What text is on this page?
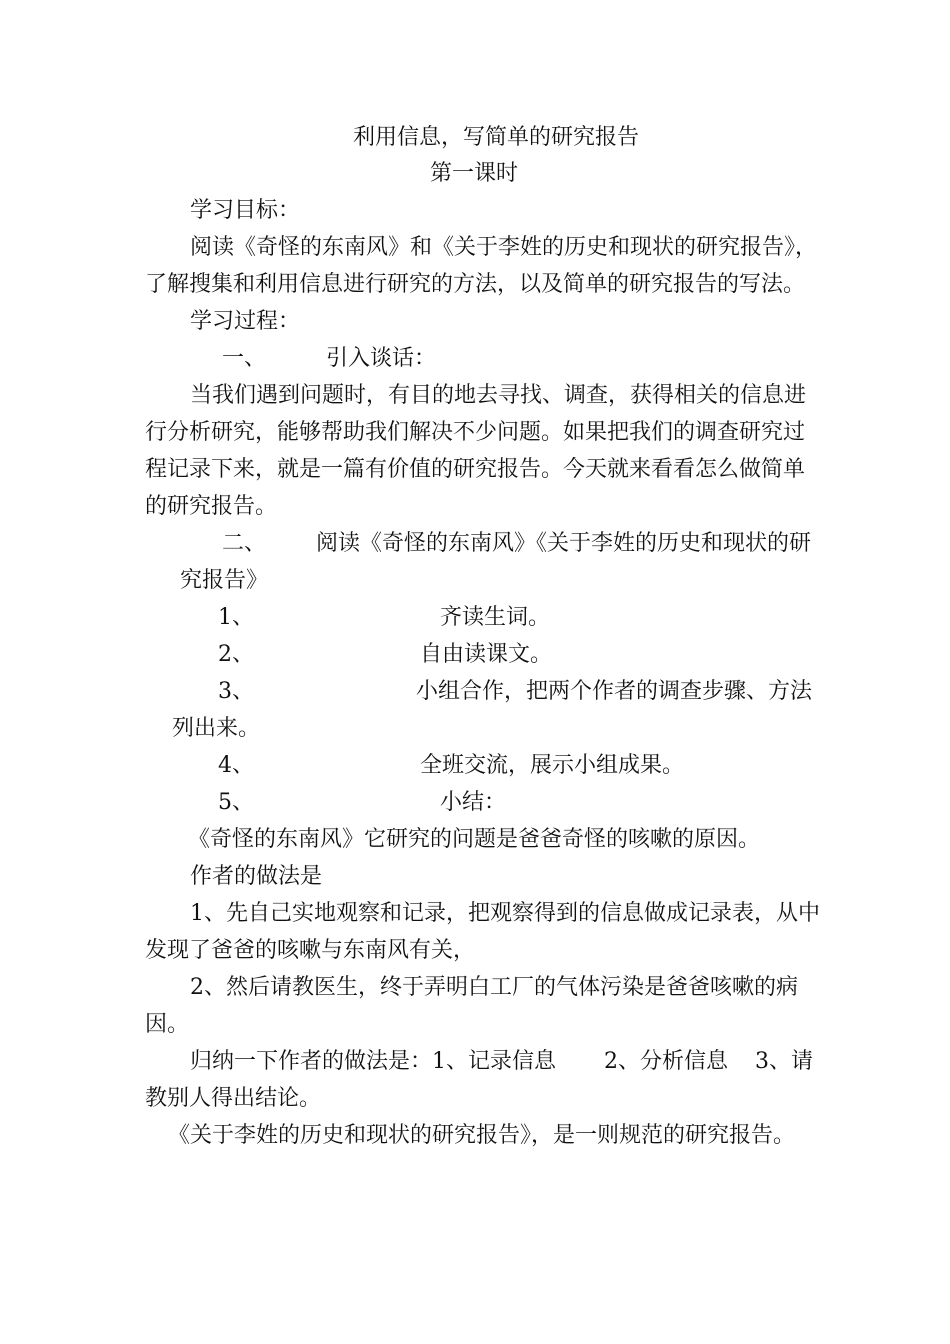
利用信息，写简单的研究报告
第一课时
学习目标：
阅读《奇怪的东南风》和《关于李姓的历史和现状的研究报告》，
了解搜集和利用信息进行研究的方法，以及简单的研究报告的写法。
学习过程：
一、	引入谈话：
当我们遇到问题时，有目的地去寻找、调查，获得相关的信息进
行分析研究，能够帮助我们解决不少问题。如果把我们的调查研究过
程记录下来，就是一篇有价值的研究报告。今天就来看看怎么做简单
的研究报告。
二、 阅读《奇怪的东南风》《关于李姓的历史和现状的研
究报告》
1、	齐读生词。
2、	自由读课文。
3、	小组合作，把两个作者的调查步骤、方法
列出来。
4、	全班交流，展示小组成果。
5、	小结：
《奇怪的东南风》它研究的问题是爸爸奇怪的咳嗽的原因。
作者的做法是
1、先自己实地观察和记录，把观察得到的信息做成记录表，从中
发现了爸爸的咳嗽与东南风有关，
2、然后请教医生，终于弄明白工厂的气体污染是爸爸咳嗽的病
因。
归纳一下作者的做法是：1、记录信息 2、分析信息 3、请
教别人得出结论。
《关于李姓的历史和现状的研究报告》，是一则规范的研究报告。
